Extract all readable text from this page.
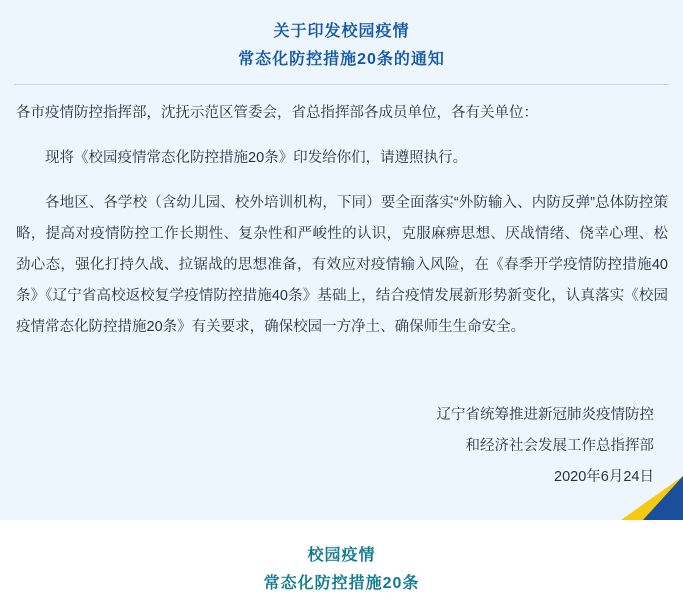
关于印发校园疫情
常态化防控措施20条的通知

各市疫情防控指挥部，沈抚示范区管委会，省总指挥部各成员单位，各有关单位：

现将《校园疫情常态化防控措施20条》印发给你们，请遵照执行。

各地区、各学校（含幼儿园、校外培训机构，下同）要全面落实“外防输入、内防反弹”总体防控策略，提高对疫情防控工作长期性、复杂性和严峻性的认识，克服麻痹思想、厌战情绪、侥幸心理、松劲心态，强化打持久战、拉锯战的思想准备，有效应对疫情输入风险，在《春季开学疫情防控措施40条》《辽宁省高校返校复学疫情防控措施40条》基础上，结合疫情发展新形势新变化，认真落实《校园疫情常态化防控措施20条》有关要求，确保校园一方净土、确保师生生命安全。

辽宁省统筹推进新冠肺炎疫情防控
和经济社会发展工作总指挥部
2020年6月24日
校园疫情
常态化防控措施20条
